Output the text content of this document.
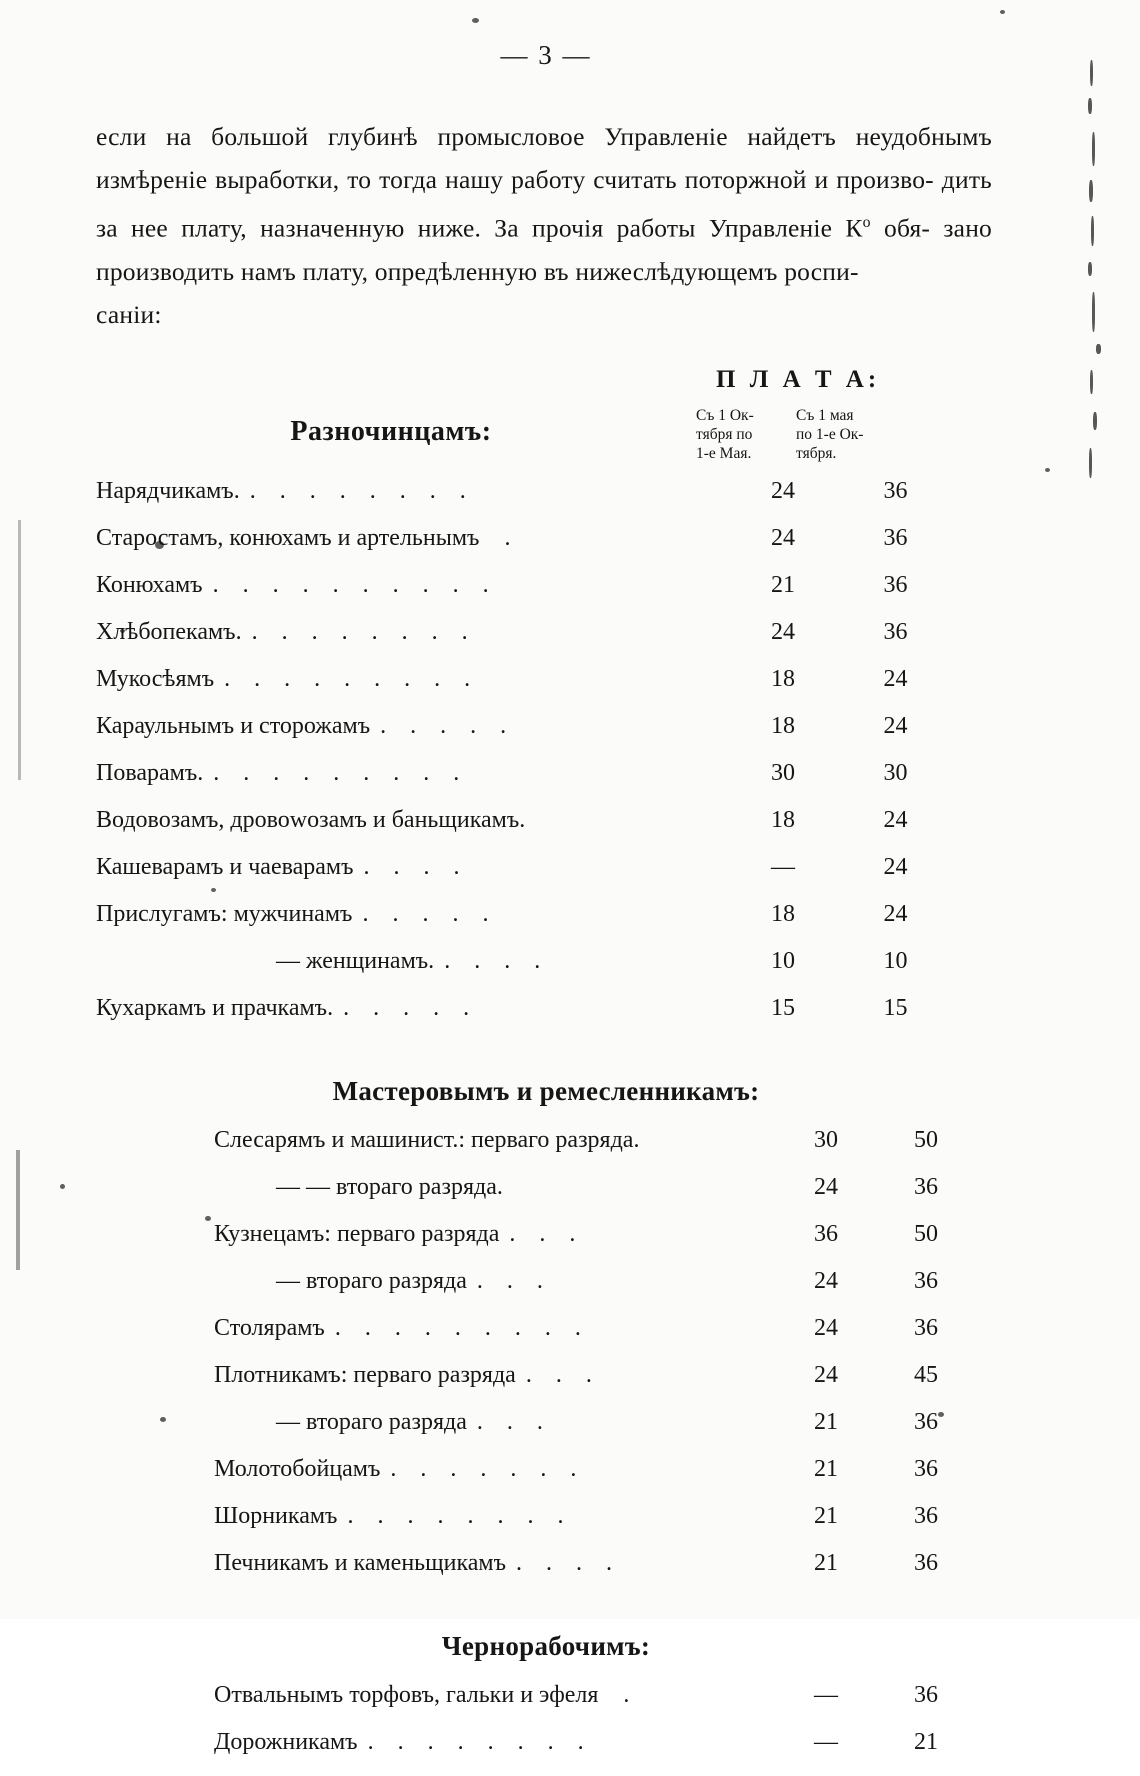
— 3 —
если на большой глубинѣ промысловое Управленіе найдетъ неудобнымъ измѣреніе выработки, то тогда нашу работу считать поторжной и произво- дить за нее плату, назначенную ниже. За прочія работы Управленіе $К^о$ обя- зано производить намъ плату, опредѣленную въ нижеслѣдующемъ роспи-
саніи:
П Л А Т А:
Разночинцамъ:
Съ 1 Ок-
тября по
1-е Мая.
Съ 1 мая
по 1-е Ок-
тября.
Нарядчикамъ. . . . . . . . .	24	36
Старостамъ, конюхамъ и артельнымъ .	24	36
Конюхамъ . . . . . . . . . .	21	36
Хлѣбопекамъ. . . . . . . . .	24	36
Мукосѣямъ . . . . . . . . .	18	24
Караульнымъ и сторожамъ . . . . .	18	24
Поварамъ. . . . . . . . . .	30	30
Водовозамъ, дровоwозамъ и баньщикамъ.	18	24
Кашеварамъ и чаеварамъ . . . .	—	24
Прислугамъ: мужчинамъ . . . . .	18	24
— женщинамъ. . . . .	10	10
Кухаркамъ и прачкамъ. . . . . .	15	15
Мастеровымъ и ремесленникамъ:
Слесарямъ и машинист.: перваго разряда.	30	50
— — втораго разряда.	24	36
Кузнецамъ: перваго разряда . . .	36	50
— втораго разряда . . .	24	36
Столярамъ . . . . . . . . .	24	36
Плотникамъ: перваго разряда . . .	24	45
— втораго разряда . . .	21	36
Молотобойцамъ . . . . . . .	21	36
Шорникамъ . . . . . . . .	21	36
Печникамъ и каменьщикамъ . . . .	21	36
Чернорабочимъ:
Отвальнымъ торфовъ, гальки и эфеля .	—	36
Дорожникамъ . . . . . . . .	—	21
